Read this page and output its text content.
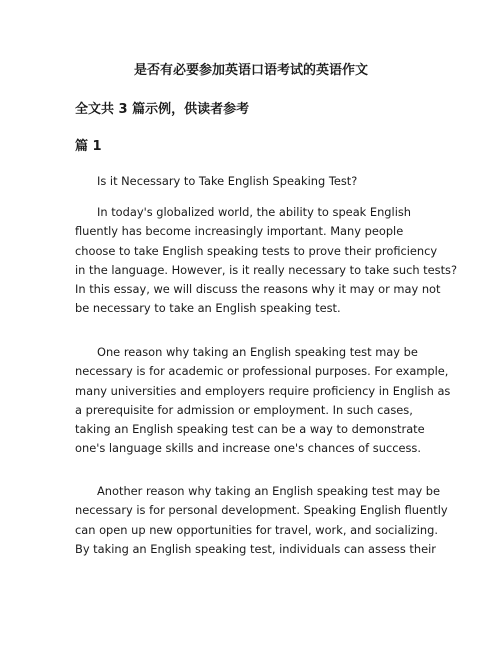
是否有必要参加英语口语考试的英语作文

全文共 3 篇示例，供读者参考

篇 1

Is it Necessary to Take English Speaking Test?

In today's globalized world, the ability to speak English
fluently has become increasingly important. Many people
choose to take English speaking tests to prove their proficiency
in the language. However, is it really necessary to take such tests?
In this essay, we will discuss the reasons why it may or may not
be necessary to take an English speaking test.
One reason why taking an English speaking test may be
necessary is for academic or professional purposes. For example,
many universities and employers require proficiency in English as
a prerequisite for admission or employment. In such cases,
taking an English speaking test can be a way to demonstrate
one's language skills and increase one's chances of success.
Another reason why taking an English speaking test may be
necessary is for personal development. Speaking English fluently
can open up new opportunities for travel, work, and socializing.
By taking an English speaking test, individuals can assess their
